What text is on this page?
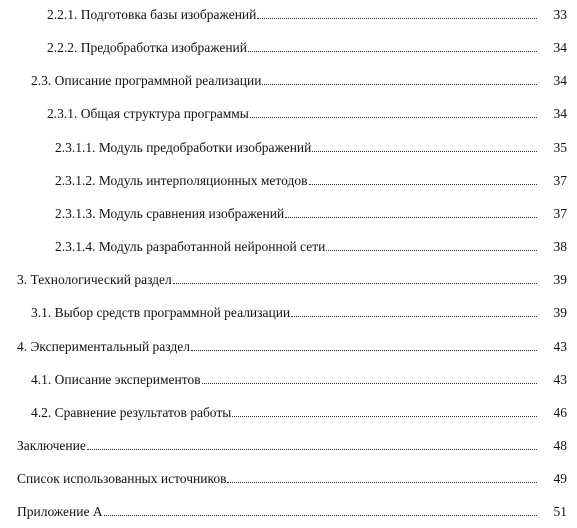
2.2.1. Подготовка базы изображений	33
2.2.2. Предобработка изображений	34
2.3. Описание программной реализации	34
2.3.1. Общая структура программы	34
2.3.1.1. Модуль предобработки изображений	35
2.3.1.2. Модуль интерполяционных методов	37
2.3.1.3. Модуль сравнения изображений	37
2.3.1.4. Модуль разработанной нейронной сети	38
3. Технологический раздел	39
3.1. Выбор средств программной реализации	39
4. Экспериментальный раздел	43
4.1. Описание экспериментов	43
4.2. Сравнение результатов работы	46
Заключение	48
Список использованных источников	49
Приложение А	51
